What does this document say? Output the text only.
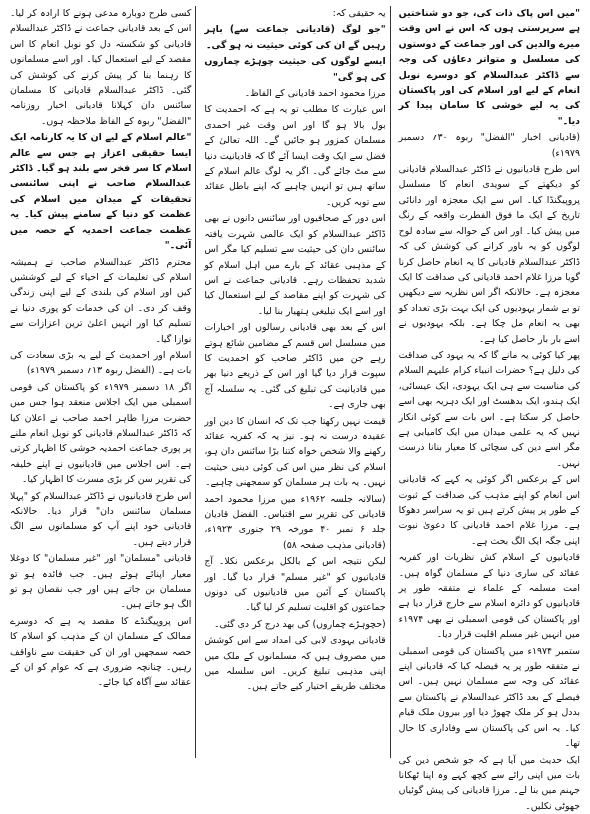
"میں اس پاک ذات کی، جو دو شناختیں ہے سرپرستی ہوں کہ اس نے اس وقت میرے والدین کی اور جماعت کے دوستوں کی مسلسل و متواتر دعاؤں کی وجہ سے ڈاکٹر عبدالسلام کو دوسرے نوبل انعام کے لیے اور اسلام کی اور پاکستان کی یہ لیے خوشی کا سامان پیدا کر دیا۔"

(قادیانی اخبار "الفضل" ربوہ ۳۰؍ دسمبر ۱۹۷۹ء)

اس طرح قادیانیوں نے ڈاکٹر عبدالسلام قادیانی کو دیکھتے کے سویدی انعام کا مسلسل پروپیگنڈا کیا۔ اس سے ایک معجزہ اور دانائی تاریخ کے ایک ما فوق الفطرت واقعہ کے رنگ میں پیش کیا۔ اور اس کے حوالہ سے سادہ لوح لوگوں کو یہ باور کرانے کی کوشش کی کہ ڈاکٹر عبدالسلام قادیانی کا یہ انعام حاصل کرنا گویا مرزا غلام احمد قادیانی کی صداقت کا ایک معجزہ ہے۔ حالانکہ اگر اس نظریہ سے دیکھیں تو بے شمار یہودیوں کی ایک بہت بڑی تعداد کو بھی یہ انعام مل چکا ہے۔ بلکہ یہودیوں نے اسے بار بار حاصل کیا ہے۔

پھر کیا کوئی یہ مانے گا کہ یہ یہود کی صداقت کی دلیل ہے؟ حضرات انبیاء کرام علیہم السلام کی مناسبت سے ہی ایک یہودی، ایک عیسائی، ایک ہندو، ایک بدھسٹ اور ایک دہریہ بھی اسے حاصل کر سکتا ہے۔ اس بات سے کوئی انکار نہیں کہ یہ علمی میدان میں ایک کامیابی ہے مگر اسے دین کی سچائی کا معیار بنانا درست نہیں۔

اس کے برعکس اگر کوئی یہ کہے کہ قادیانی اس انعام کو اپنے مذہب کی صداقت کے ثبوت کے طور پر پیش کرتے ہیں تو یہ سراسر دھوکا ہے۔ مرزا غلام احمد قادیانی کا دعویٰ نبوت اپنی جگہ ایک الگ بحث ہے۔

قادیانیوں کے اسلام کش نظریات اور کفریہ عقائد کی ساری دنیا کے مسلمان گواہ ہیں۔ امت مسلمہ کے علماء نے متفقہ طور پر قادیانیوں کو دائرہ اسلام سے خارج قرار دیا ہے اور پاکستان کی قومی اسمبلی نے بھی ۱۹۷۴ء میں انہیں غیر مسلم اقلیت قرار دیا۔

ستمبر ۱۹۷۴ء میں پاکستان کی قومی اسمبلی نے متفقہ طور پر یہ فیصلہ کیا کہ قادیانی اپنے عقائد کی وجہ سے مسلمان نہیں ہیں۔ اس فیصلے کے بعد ڈاکٹر عبدالسلام نے پاکستان سے بددل ہو کر ملک چھوڑ دیا اور بیرون ملک قیام کیا۔ یہ اس کی پاکستان سے وفاداری کا حال تھا۔

ایک حدیث میں آیا ہے کہ جو شخص دین کی بات میں اپنی رائے سے کچھ کہے وہ اپنا ٹھکانا جہنم میں بنا لے۔ مرزا قادیانی کی پیش گوئیاں جھوٹی نکلیں۔

یہ حقیقی کہ:

"جو لوگ (قادیانی جماعت سے) باہر رہیں گے ان کی کوئی حیثیت نہ ہو گی۔

ایسے لوگوں کی حیثیت چوہڑے چماروں کی ہو گی"

مرزا محمود احمد قادیانی کے الفاظ۔

اس عبارت کا مطلب تو یہ ہے کہ احمدیت کا بول بالا ہو گا اور اس وقت غیر احمدی مسلمان کمزور ہو جائیں گے۔ اللہ تعالیٰ کے فضل سے ایک وقت ایسا آئے گا کہ قادیانیت دنیا سے مٹ جائے گی۔ اگر یہ لوگ عالم اسلام کے ساتھ ہیں تو انہیں چاہیے کہ اپنے باطل عقائد سے توبہ کریں۔

اس دور کے صحافیوں اور سائنس دانوں نے بھی ڈاکٹر عبدالسلام کو ایک عالمی شہرت یافتہ سائنس دان کی حیثیت سے تسلیم کیا مگر اس کے مذہبی عقائد کے بارے میں اہل اسلام کو شدید تحفظات رہے۔ قادیانی جماعت نے اس کی شہرت کو اپنے مقاصد کے لیے استعمال کیا اور اسے ایک تبلیغی ہتھیار بنا لیا۔

اس کے بعد بھی قادیانی رسالوں اور اخبارات میں مسلسل اس قسم کے مضامین شائع ہوتے رہے جن میں ڈاکٹر صاحب کو احمدیت کا سپوت قرار دیا گیا اور اس کے ذریعے دنیا بھر میں قادیانیت کی تبلیغ کی گئی۔ یہ سلسلہ آج بھی جاری ہے۔

قیمت نہیں رکھتا جب تک کہ انسان کا دین اور عقیدہ درست نہ ہو۔ نیز یہ کہ کفریہ عقائد رکھنے والا شخص خواہ کتنا بڑا سائنس دان ہو، اسلام کی نظر میں اس کی کوئی دینی حیثیت نہیں۔ یہ بات ہر مسلمان کو سمجھنی چاہیے۔

(سالانہ جلسہ ۱۹۶۲ء میں مرزا محمود احمد قادیانی کی تقریر سے اقتباس۔ الفضل قادیان جلد ۶ نمبر ۴۰ مورخہ ۲۹ جنوری ۱۹۲۳ء، (قادیانی مذہب صفحہ ۵۸)

لیکن نتیجہ اس کے بالکل برعکس نکلا۔ آج قادیانیوں کو "غیر مسلم" قرار دیا گیا۔ اور پاکستان کے آئین میں قادیانیوں کی دونوں جماعتوں کو اقلیت تسلیم کر لیا گیا۔

(حچوہڑے چماروں) کی بھد درج کر دی گئی۔

قادیانی یہودی لابی کی امداد سے اس کوشش میں مصروف ہیں کہ مسلمانوں کے ملک میں اپنی مذہبی تبلیغ کریں۔ اس سلسلہ میں مختلف طریقے اختیار کیے جاتے ہیں۔

کسی طرح دوبارہ مدعی ہونے کا ارادہ کر لیا۔ اس کے بعد قادیانی جماعت نے ڈاکٹر عبدالسلام قادیانی کو شکستہ دل کو نوبل انعام کا اس مقصد کے لیے استعمال کیا۔ اور اسے مسلمانوں کا رہنما بنا کر پیش کرنے کی کوشش کی گئی۔ ڈاکٹر عبدالسلام قادیانی کا مسلمان سائنس دان کہلانا قادیانی اخبار روزنامہ "الفضل" ربوہ کے الفاظ ملاحظہ ہوں۔

"عالم اسلام کے لیے ان کا یہ کارنامہ ایک ایسا حقیقی اعزاز ہے جس سے عالم اسلام کا سر فخر سے بلند ہو گیا۔ ڈاکٹر عبدالسلام صاحب نے اپنی سائنسی تحقیقات کے میدان میں اسلام کی عظمت کو دنیا کے سامنے پیش کیا۔ یہ عظمت جماعت احمدیہ کے حصہ میں آئی۔"

محترم ڈاکٹر عبدالسلام صاحب نے ہمیشہ اسلام کی تعلیمات کے احیاء کے لیے کوششیں کیں اور اسلام کی بلندی کے لیے اپنی زندگی وقف کر دی۔ ان کی خدمات کو پوری دنیا نے تسلیم کیا اور انہیں اعلیٰ ترین اعزازات سے نوازا گیا۔

اسلام اور احمدیت کے لیے یہ بڑی سعادت کی بات ہے۔ (الفضل ربوہ ۱۳؍ دسمبر ۱۹۷۹ء)

اگر ۱۸ دسمبر ۱۹۷۹ء کو پاکستان کی قومی اسمبلی میں ایک اجلاس منعقد ہوا جس میں حضرت مرزا طاہر احمد صاحب نے اعلان کیا کہ ڈاکٹر عبدالسلام قادیانی کو نوبل انعام ملنے پر پوری جماعت احمدیہ خوشی کا اظہار کرتی ہے۔ اس اجلاس میں قادیانیوں نے اپنے خلیفہ کی تقریر سن کر بڑی مسرت کا اظہار کیا۔

اس طرح قادیانیوں نے ڈاکٹر عبدالسلام کو "پہلا مسلمان سائنس دان" قرار دیا۔ حالانکہ قادیانی خود اپنے آپ کو مسلمانوں سے الگ قرار دیتے ہیں۔

قادیانی "مسلمان" اور "غیر مسلمان" کا دوغلا معیار اپنائے ہوئے ہیں۔ جب فائدہ ہو تو مسلمان بن جاتے ہیں اور جب نقصان ہو تو الگ ہو جاتے ہیں۔

اس پروپیگنڈے کا مقصد یہ ہے کہ دوسرے ممالک کے مسلمان ان کے مذہب کو اسلام کا حصہ سمجھیں اور ان کی حقیقت سے ناواقف رہیں۔ چنانچہ ضروری ہے کہ عوام کو ان کے عقائد سے آگاہ کیا جائے۔
